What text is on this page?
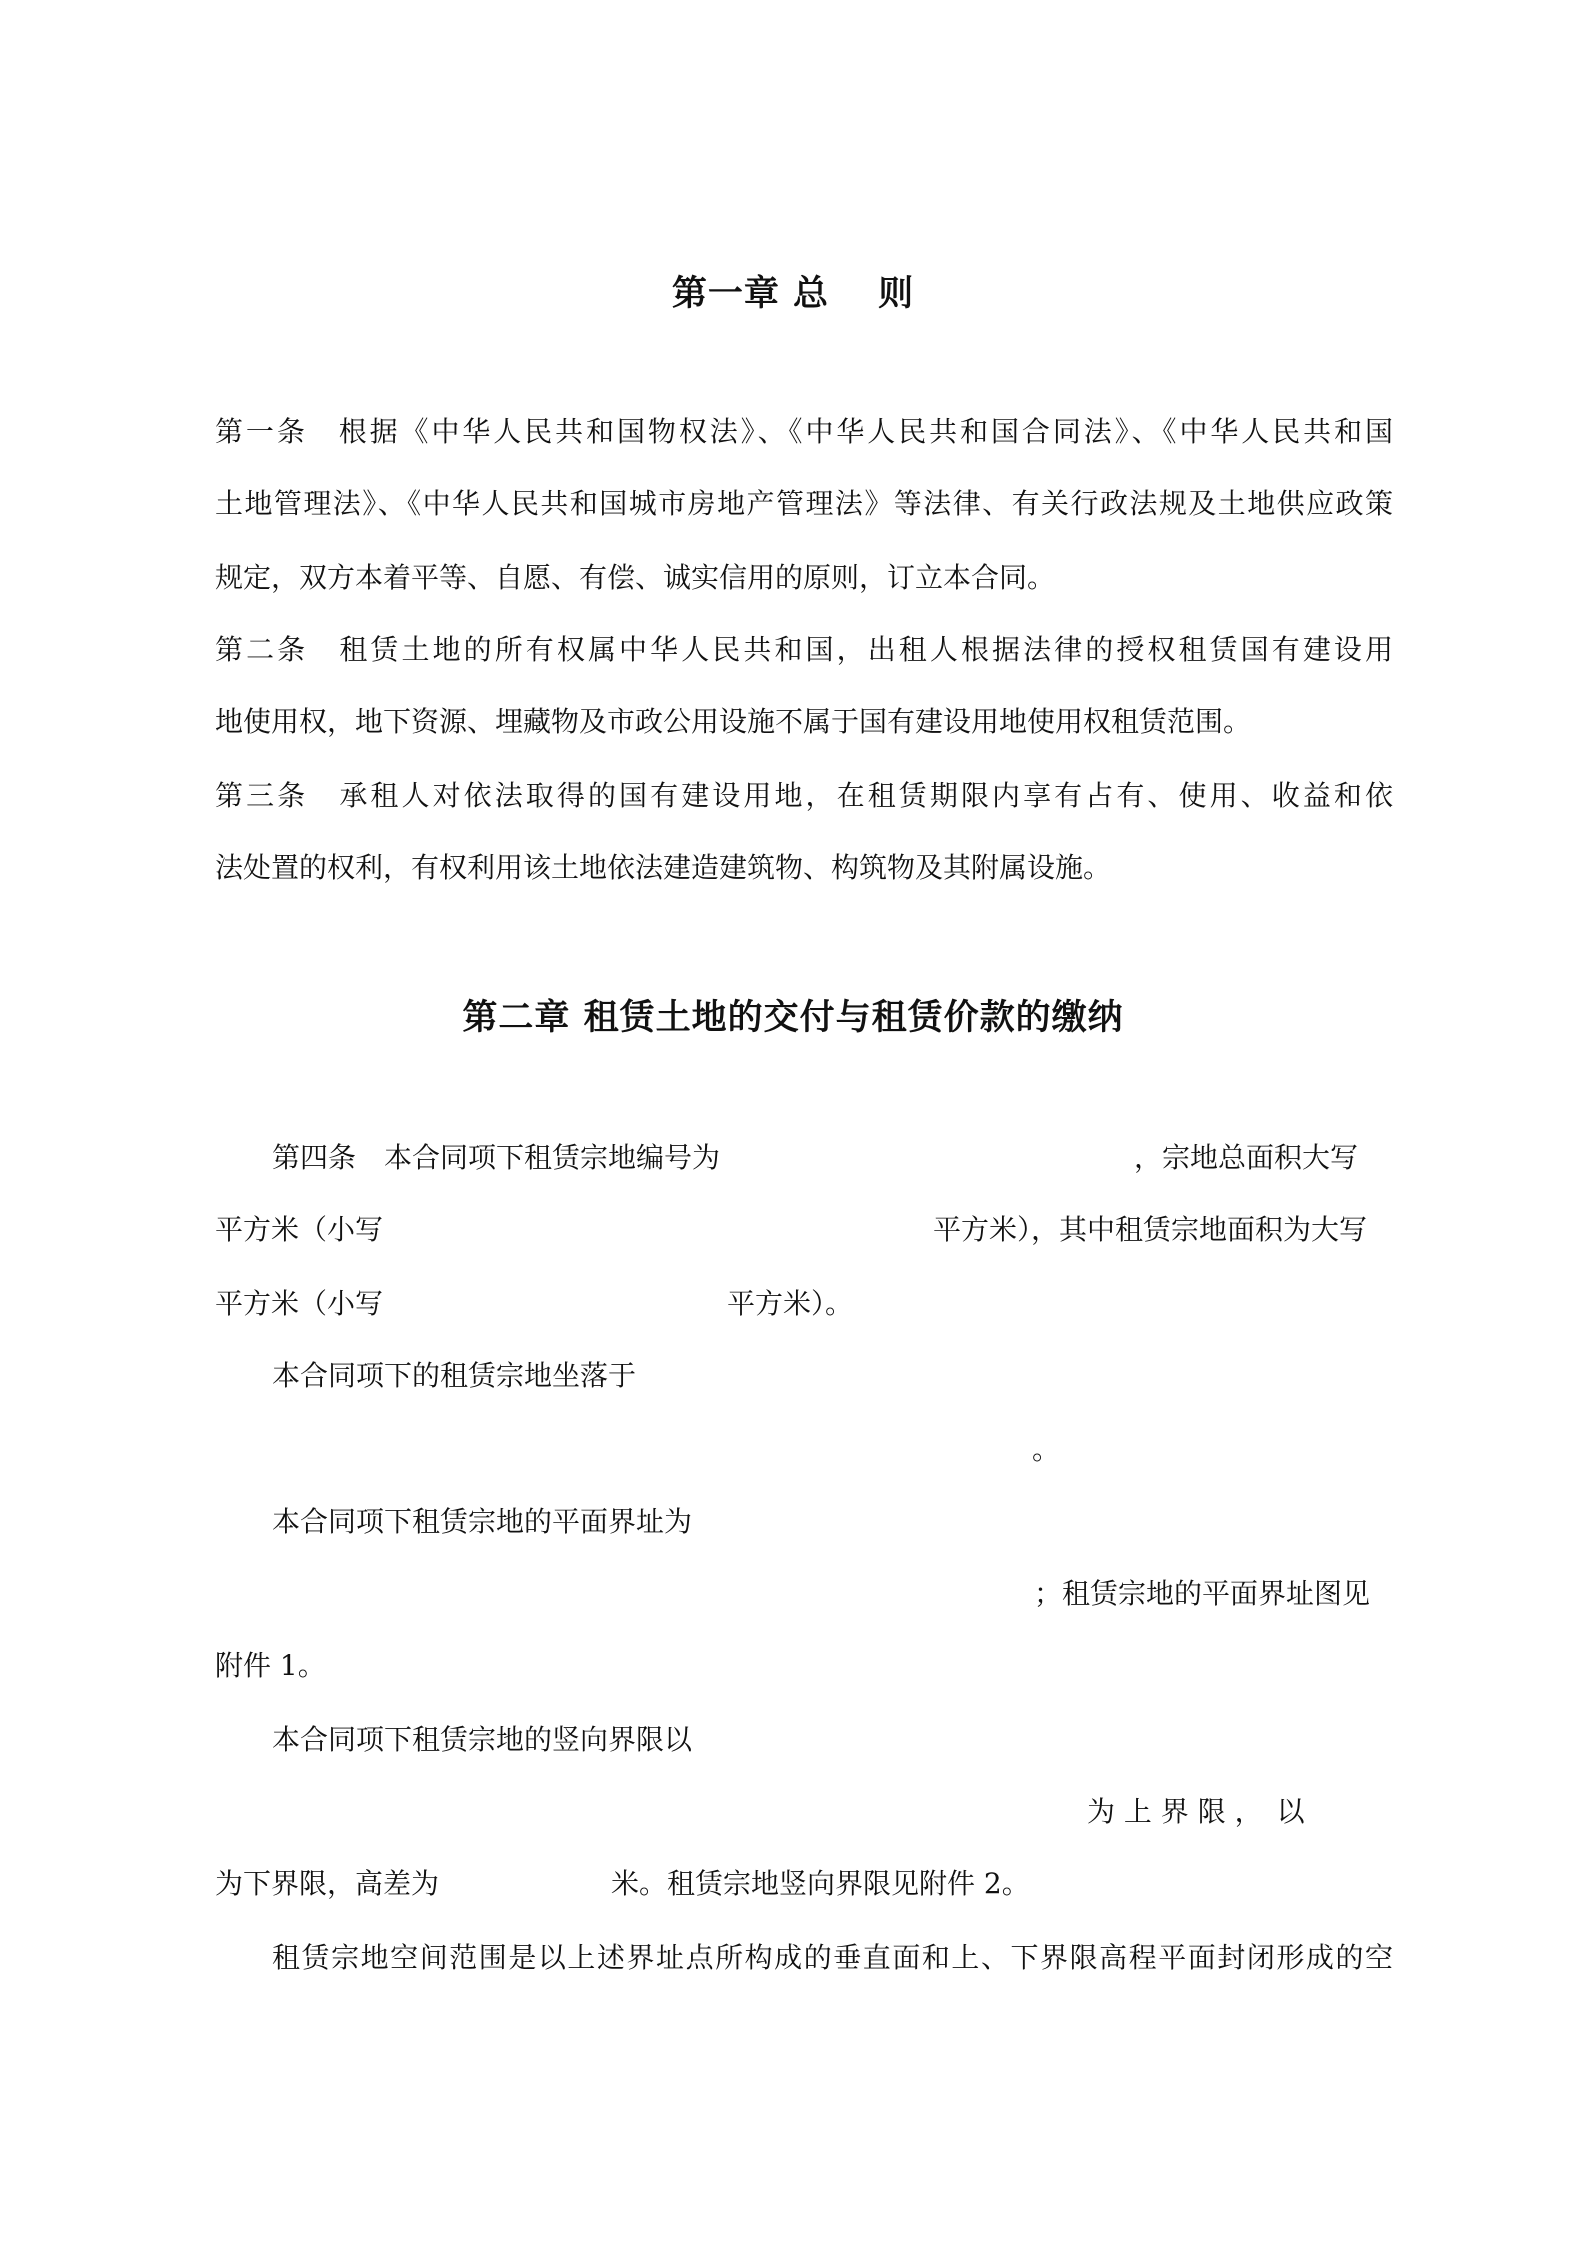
第一章 总　 则
第一条　根据《中华人民共和国物权法》、《中华人民共和国合同法》、《中华人民共和国
土地管理法》、《中华人民共和国城市房地产管理法》等法律、有关行政法规及土地供应政策
规定，双方本着平等、自愿、有偿、诚实信用的原则，订立本合同。
第二条　租赁土地的所有权属中华人民共和国，出租人根据法律的授权租赁国有建设用
地使用权，地下资源、埋藏物及市政公用设施不属于国有建设用地使用权租赁范围。
第三条　承租人对依法取得的国有建设用地，在租赁期限内享有占有、使用、收益和依
法处置的权利，有权利用该土地依法建造建筑物、构筑物及其附属设施。
第二章 租赁土地的交付与租赁价款的缴纳
第四条　本合同项下租赁宗地编号为	，宗地总面积大写
平方米（小写	平方米），其中租赁宗地面积为大写
平方米（小写	平方米）。
本合同项下的租赁宗地坐落于
。
本合同项下租赁宗地的平面界址为
；租赁宗地的平面界址图见
附件 1。
本合同项下租赁宗地的竖向界限以
为 上 界 限 ，　以
为下界限，高差为	米。租赁宗地竖向界限见附件 2。
租赁宗地空间范围是以上述界址点所构成的垂直面和上、下界限高程平面封闭形成的空
